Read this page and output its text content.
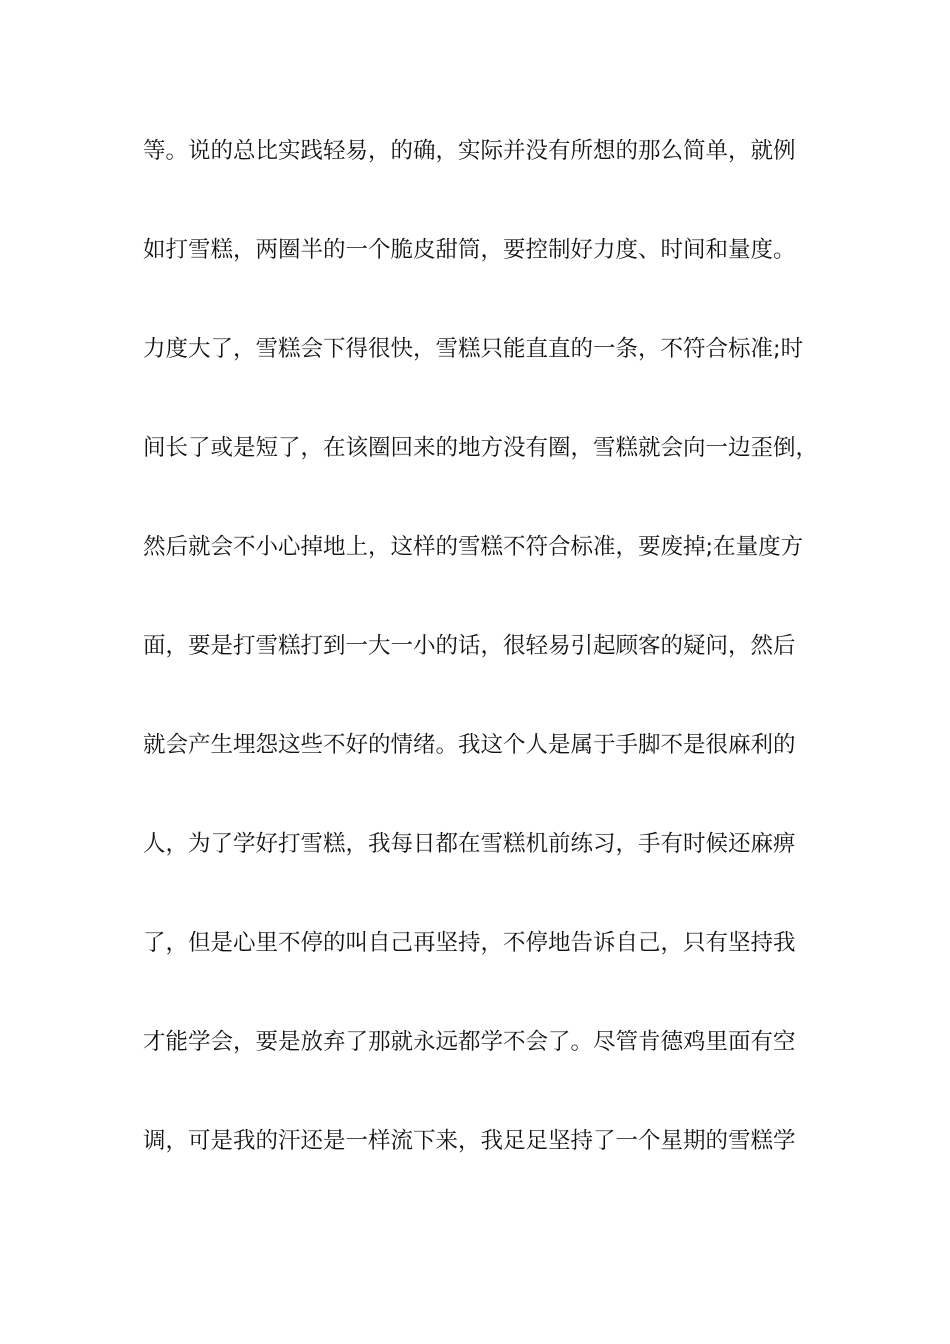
等。说的总比实践轻易，的确，实际并没有所想的那么简单，就例
如打雪糕，两圈半的一个脆皮甜筒，要控制好力度、时间和量度。
力度大了，雪糕会下得很快，雪糕只能直直的一条，不符合标准;时
间长了或是短了，在该圈回来的地方没有圈，雪糕就会向一边歪倒，
然后就会不小心掉地上，这样的雪糕不符合标准，要废掉;在量度方
面，要是打雪糕打到一大一小的话，很轻易引起顾客的疑问，然后
就会产生埋怨这些不好的情绪。我这个人是属于手脚不是很麻利的
人，为了学好打雪糕，我每日都在雪糕机前练习，手有时候还麻痹
了，但是心里不停的叫自己再坚持，不停地告诉自己，只有坚持我
才能学会，要是放弃了那就永远都学不会了。尽管肯德鸡里面有空
调，可是我的汗还是一样流下来，我足足坚持了一个星期的雪糕学
